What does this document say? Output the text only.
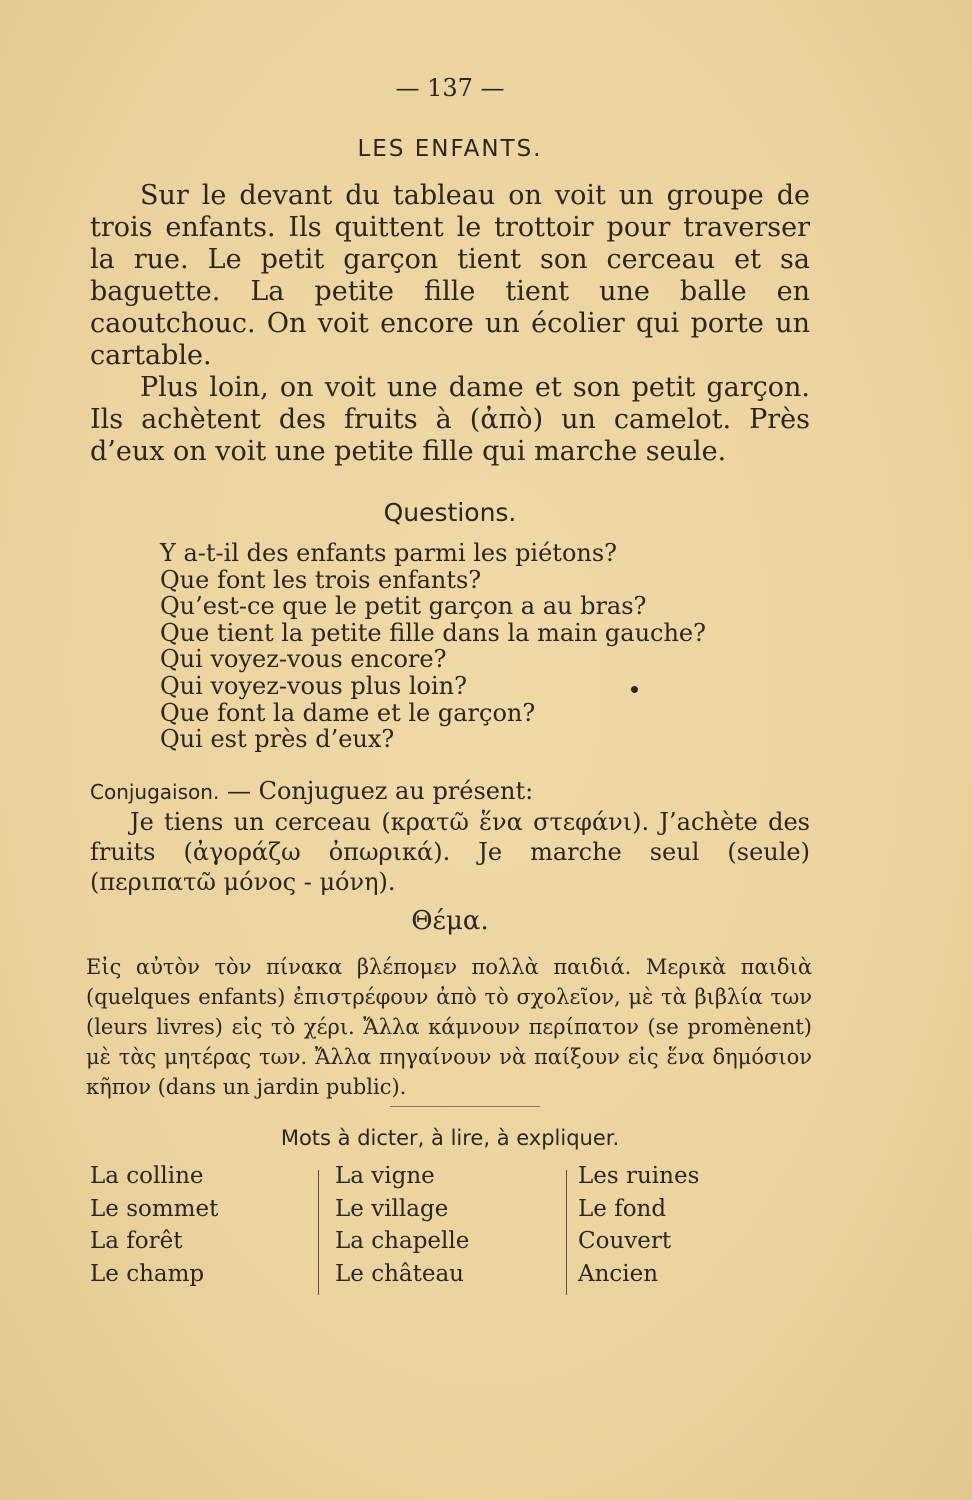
— 137 —
LES ENFANTS.

Sur le devant du tableau on voit un groupe de trois enfants. Ils quittent le trottoir pour traverser la rue. Le petit garçon tient son cerceau et sa baguette. La petite fille tient une balle en caoutchouc. On voit encore un écolier qui porte un cartable.

Plus loin, on voit une dame et son petit garçon. Ils achètent des fruits à (ἀπὸ) un camelot. Près d’eux on voit une petite fille qui marche seule.

Questions.
Y a-t-il des enfants parmi les piétons?
Que font les trois enfants?
Qu’est-ce que le petit garçon a au bras?
Que tient la petite fille dans la main gauche?
Qui voyez-vous encore?
Qui voyez-vous plus loin?
Que font la dame et le garçon?
Qui est près d’eux?
Conjugaison. — Conjuguez au présent:
Je tiens un cerceau (κρατῶ ἕνα στεφάνι). J’achète des fruits (ἀγοράζω ὀπωρικά). Je marche seul (seule) (περιπατῶ μόνος - μόνη).
Θέμα.
Εἰς αὐτὸν τὸν πίνακα βλέπομεν πολλὰ παιδιά. Μερικὰ παιδιὰ (quelques enfants) ἐπιστρέφουν ἀπὸ τὸ σχολεῖον, μὲ τὰ βιβλία των (leurs livres) εἰς τὸ χέρι. Ἄλλα κάμνουν περίπατον (se promènent) μὲ τὰς μητέρας των. Ἄλλα πηγαίνουν νὰ παίξουν εἰς ἕνα δημόσιον κῆπον (dans un jardin public).
Mots à dicter, à lire, à expliquer.
La colline
Le sommet
La forêt
Le champ
La vigne
Le village
La chapelle
Le château
Les ruines
Le fond
Couvert
Ancien
